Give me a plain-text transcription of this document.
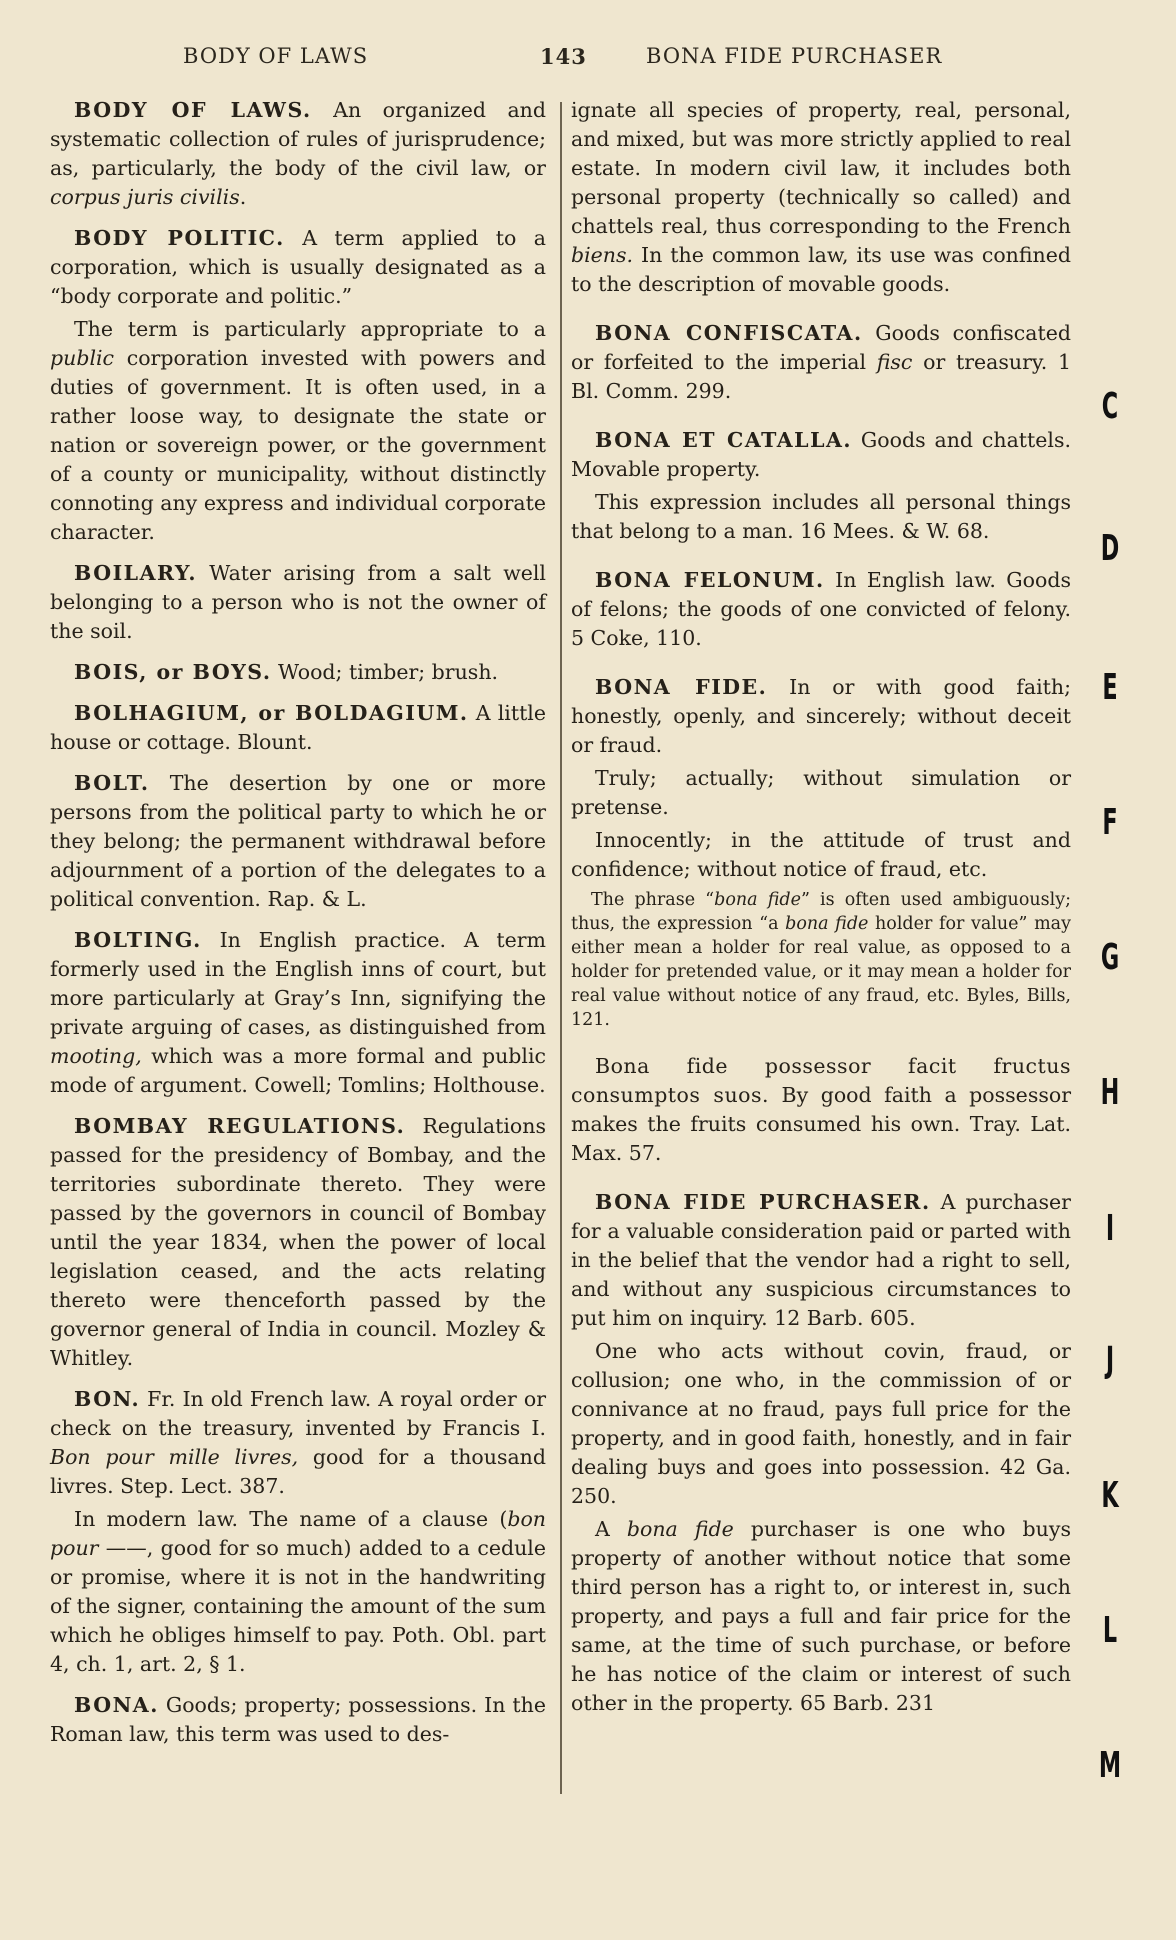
BODY OF LAWS	143	BONA FIDE PURCHASER

BODY OF LAWS. An organized and systematic collection of rules of jurisprudence; as, particularly, the body of the civil law, or corpus juris civilis.

BODY POLITIC. A term applied to a corporation, which is usually designated as a “body corporate and politic.”

The term is particularly appropriate to a public corporation invested with powers and duties of government. It is often used, in a rather loose way, to designate the state or nation or sovereign power, or the government of a county or municipality, without distinctly connoting any express and individual corporate character.

BOILARY. Water arising from a salt well belonging to a person who is not the owner of the soil.

BOIS, or BOYS. Wood; timber; brush.

BOLHAGIUM, or BOLDAGIUM. A little house or cottage. Blount.

BOLT. The desertion by one or more persons from the political party to which he or they belong; the permanent withdrawal before adjournment of a portion of the delegates to a political convention. Rap. & L.

BOLTING. In English practice. A term formerly used in the English inns of court, but more particularly at Gray’s Inn, signifying the private arguing of cases, as distinguished from mooting, which was a more formal and public mode of argument. Cowell; Tomlins; Holthouse.

BOMBAY REGULATIONS. Regulations passed for the presidency of Bombay, and the territories subordinate thereto. They were passed by the governors in council of Bombay until the year 1834, when the power of local legislation ceased, and the acts relating thereto were thenceforth passed by the governor general of India in council. Mozley & Whitley.

BON. Fr. In old French law. A royal order or check on the treasury, invented by Francis I. Bon pour mille livres, good for a thousand livres. Step. Lect. 387.

In modern law. The name of a clause (bon pour ——, good for so much) added to a cedule or promise, where it is not in the handwriting of the signer, containing the amount of the sum which he obliges himself to pay. Poth. Obl. part 4, ch. 1, art. 2, § 1.

BONA. Goods; property; possessions. In the Roman law, this term was used to des-

ignate all species of property, real, personal, and mixed, but was more strictly applied to real estate. In modern civil law, it includes both personal property (technically so called) and chattels real, thus corresponding to the French biens. In the common law, its use was confined to the description of movable goods.

BONA CONFISCATA. Goods confiscated or forfeited to the imperial fisc or treasury. 1 Bl. Comm. 299.

BONA ET CATALLA. Goods and chattels. Movable property.

This expression includes all personal things that belong to a man. 16 Mees. & W. 68.

BONA FELONUM. In English law. Goods of felons; the goods of one convicted of felony. 5 Coke, 110.

BONA FIDE. In or with good faith; honestly, openly, and sincerely; without deceit or fraud.

Truly; actually; without simulation or pretense.

Innocently; in the attitude of trust and confidence; without notice of fraud, etc.

The phrase “bona fide” is often used ambiguously; thus, the expression “a bona fide holder for value” may either mean a holder for real value, as opposed to a holder for pretended value, or it may mean a holder for real value without notice of any fraud, etc. Byles, Bills, 121.

Bona fide possessor facit fructus consumptos suos. By good faith a possessor makes the fruits consumed his own. Tray. Lat. Max. 57.

BONA FIDE PURCHASER. A purchaser for a valuable consideration paid or parted with in the belief that the vendor had a right to sell, and without any suspicious circumstances to put him on inquiry. 12 Barb. 605.

One who acts without covin, fraud, or collusion; one who, in the commission of or connivance at no fraud, pays full price for the property, and in good faith, honestly, and in fair dealing buys and goes into possession. 42 Ga. 250.

A bona fide purchaser is one who buys property of another without notice that some third person has a right to, or interest in, such property, and pays a full and fair price for the same, at the time of such purchase, or before he has notice of the claim or interest of such other in the property. 65 Barb. 231

C
D
E
F
G
H
I
J
K
L
M
